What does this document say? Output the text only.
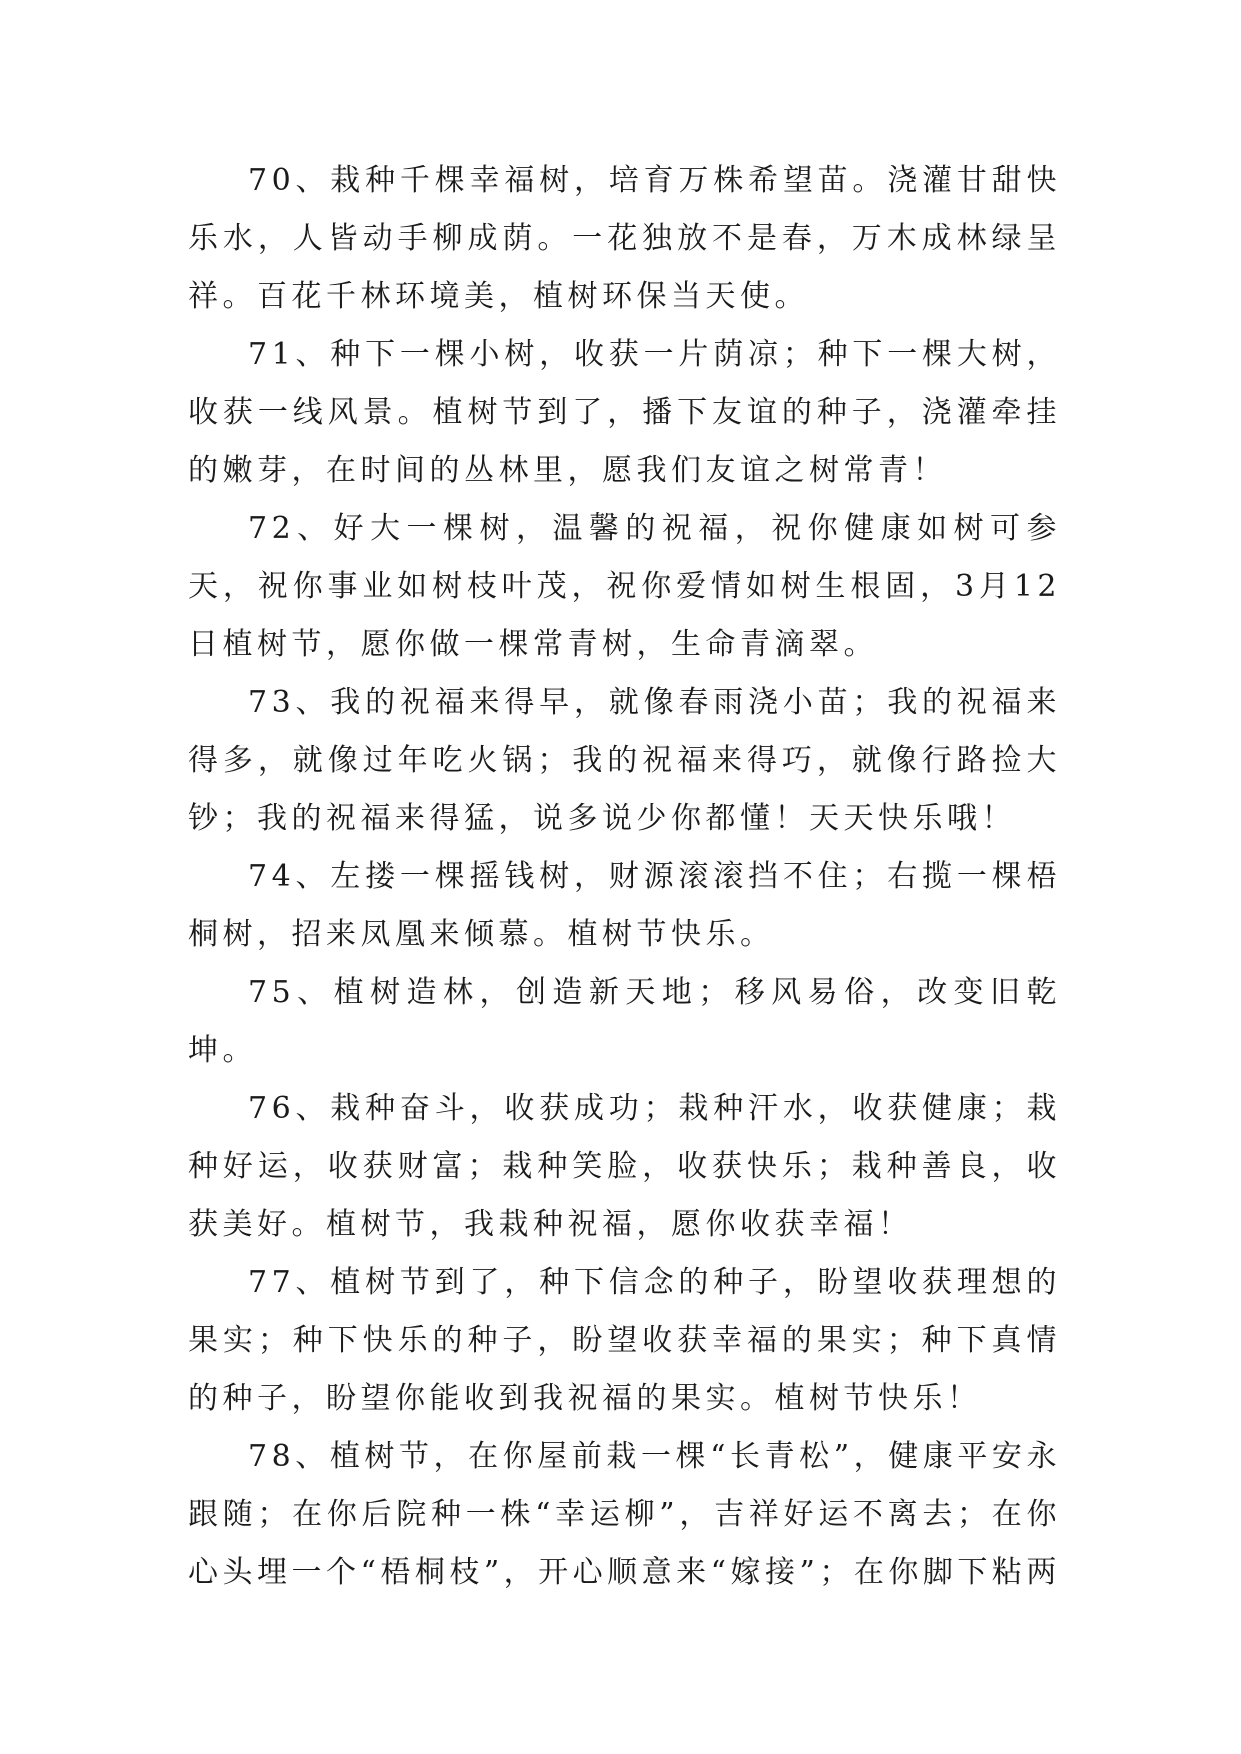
70、栽种千棵幸福树，培育万株希望苗。浇灌甘甜快乐水，人皆动手柳成荫。一花独放不是春，万木成林绿呈祥。百花千林环境美，植树环保当天使。

71、种下一棵小树，收获一片荫凉；种下一棵大树，收获一线风景。植树节到了，播下友谊的种子，浇灌牵挂的嫩芽，在时间的丛林里，愿我们友谊之树常青！

72、好大一棵树，温馨的祝福，祝你健康如树可参天，祝你事业如树枝叶茂，祝你爱情如树生根固，3月12日植树节，愿你做一棵常青树，生命青滴翠。

73、我的祝福来得早，就像春雨浇小苗；我的祝福来得多，就像过年吃火锅；我的祝福来得巧，就像行路捡大钞；我的祝福来得猛，说多说少你都懂！天天快乐哦！

74、左搂一棵摇钱树，财源滚滚挡不住；右揽一棵梧桐树，招来凤凰来倾慕。植树节快乐。

75、植树造林，创造新天地；移风易俗，改变旧乾坤。

76、栽种奋斗，收获成功；栽种汗水，收获健康；栽种好运，收获财富；栽种笑脸，收获快乐；栽种善良，收获美好。植树节，我栽种祝福，愿你收获幸福！

77、植树节到了，种下信念的种子，盼望收获理想的果实；种下快乐的种子，盼望收获幸福的果实；种下真情的种子，盼望你能收到我祝福的果实。植树节快乐！

78、植树节，在你屋前栽一棵“长青松”，健康平安永跟随；在你后院种一株“幸运柳”，吉祥好运不离去；在你心头埋一个“梧桐枝”，开心顺意来“嫁接”；在你脚下粘两
